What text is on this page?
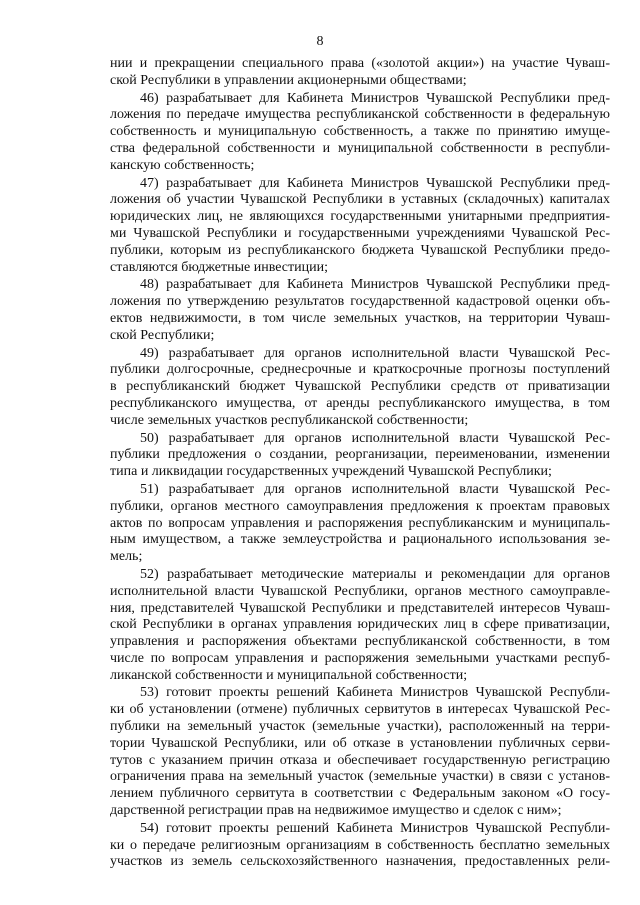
8

нии и прекращении специального права («золотой акции») на участие Чуваш-

ской Республики в управлении акционерными обществами;

46) разрабатывает для Кабинета Министров Чувашской Республики пред-

ложения по передаче имущества республиканской собственности в федеральную

собственность и муниципальную собственность, а также по принятию имуще-

ства федеральной собственности и муниципальной собственности в республи-

канскую собственность;

47) разрабатывает для Кабинета Министров Чувашской Республики пред-

ложения об участии Чувашской Республики в уставных (складочных) капиталах

юридических лиц, не являющихся государственными унитарными предприятия-

ми Чувашской Республики и государственными учреждениями Чувашской Рес-

публики, которым из республиканского бюджета Чувашской Республики предо-

ставляются бюджетные инвестиции;

48) разрабатывает для Кабинета Министров Чувашской Республики пред-

ложения по утверждению результатов государственной кадастровой оценки объ-

ектов недвижимости, в том числе земельных участков, на территории Чуваш-

ской Республики;

49) разрабатывает для органов исполнительной власти Чувашской Рес-

публики долгосрочные, среднесрочные и краткосрочные прогнозы поступлений

в республиканский бюджет Чувашской Республики средств от приватизации

республиканского имущества, от аренды республиканского имущества, в том

числе земельных участков республиканской собственности;

50) разрабатывает для органов исполнительной власти Чувашской Рес-

публики предложения о создании, реорганизации, переименовании, изменении

типа и ликвидации государственных учреждений Чувашской Республики;

51) разрабатывает для органов исполнительной власти Чувашской Рес-

публики, органов местного самоуправления предложения к проектам правовых

актов по вопросам управления и распоряжения республиканским и муниципаль-

ным имуществом, а также землеустройства и рационального использования зе-

мель;

52) разрабатывает методические материалы и рекомендации для органов

исполнительной власти Чувашской Республики, органов местного самоуправле-

ния, представителей Чувашской Республики и представителей интересов Чуваш-

ской Республики в органах управления юридических лиц в сфере приватизации,

управления и распоряжения объектами республиканской собственности, в том

числе по вопросам управления и распоряжения земельными участками респуб-

ликанской собственности и муниципальной собственности;

53) готовит проекты решений Кабинета Министров Чувашской Республи-

ки об установлении (отмене) публичных сервитутов в интересах Чувашской Рес-

публики на земельный участок (земельные участки), расположенный на терри-

тории Чувашской Республики, или об отказе в установлении публичных серви-

тутов с указанием причин отказа и обеспечивает государственную регистрацию

ограничения права на земельный участок (земельные участки) в связи с установ-

лением публичного сервитута в соответствии с Федеральным законом «О госу-

дарственной регистрации прав на недвижимое имущество и сделок с ним»;

54) готовит проекты решений Кабинета Министров Чувашской Республи-

ки о передаче религиозным организациям в собственность бесплатно земельных

участков из земель сельскохозяйственного назначения, предоставленных рели-
